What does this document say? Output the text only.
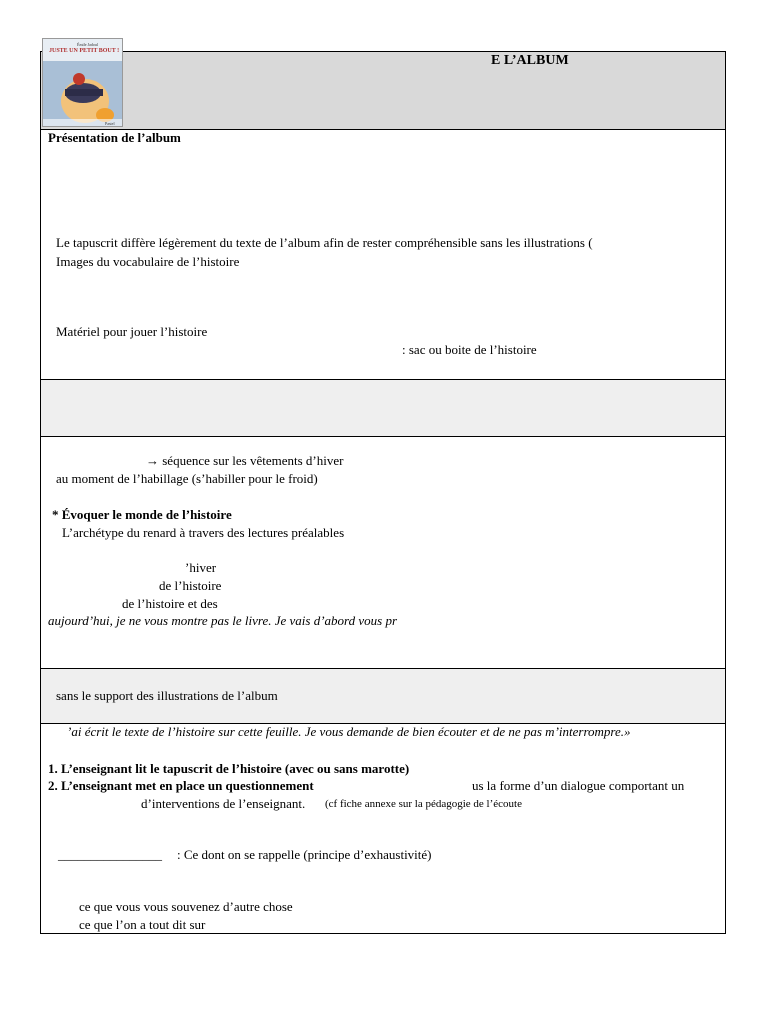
Émile Jadoul
JUSTE UN PETIT BOUT !
Pastel
E L’ALBUM
Présentation de l’album
Le tapuscrit diffère légèrement du texte de l’album afin de rester compréhensible sans les illustrations (
Images du vocabulaire de l’histoire
Matériel pour jouer l’histoire
: sac ou boite de l’histoire
→ séquence sur les vêtements d’hiver
au moment de l’habillage (s’habiller pour le froid)
* Évoquer le monde de l’histoire
L’archétype du renard à travers des lectures préalables
’hiver
de l’histoire
de l’histoire et des
aujourd’hui, je ne vous montre pas le livre. Je vais d’abord vous pr
sans le support des illustrations de l’album
’ai écrit le texte de l’histoire sur cette feuille. Je vous demande de bien écouter et de ne pas m’interrompre.»
1. L’enseignant lit le tapuscrit de l’histoire (avec ou sans marotte)
2. L’enseignant met en place un questionnement	us la forme d’un dialogue comportant un
d’interventions de l’enseignant. (cf fiche annexe sur la pédagogie de l’écoute
________________ : Ce dont on se rappelle (principe d’exhaustivité)
ce que vous vous souvenez d’autre chose
ce que l’on a tout dit sur
